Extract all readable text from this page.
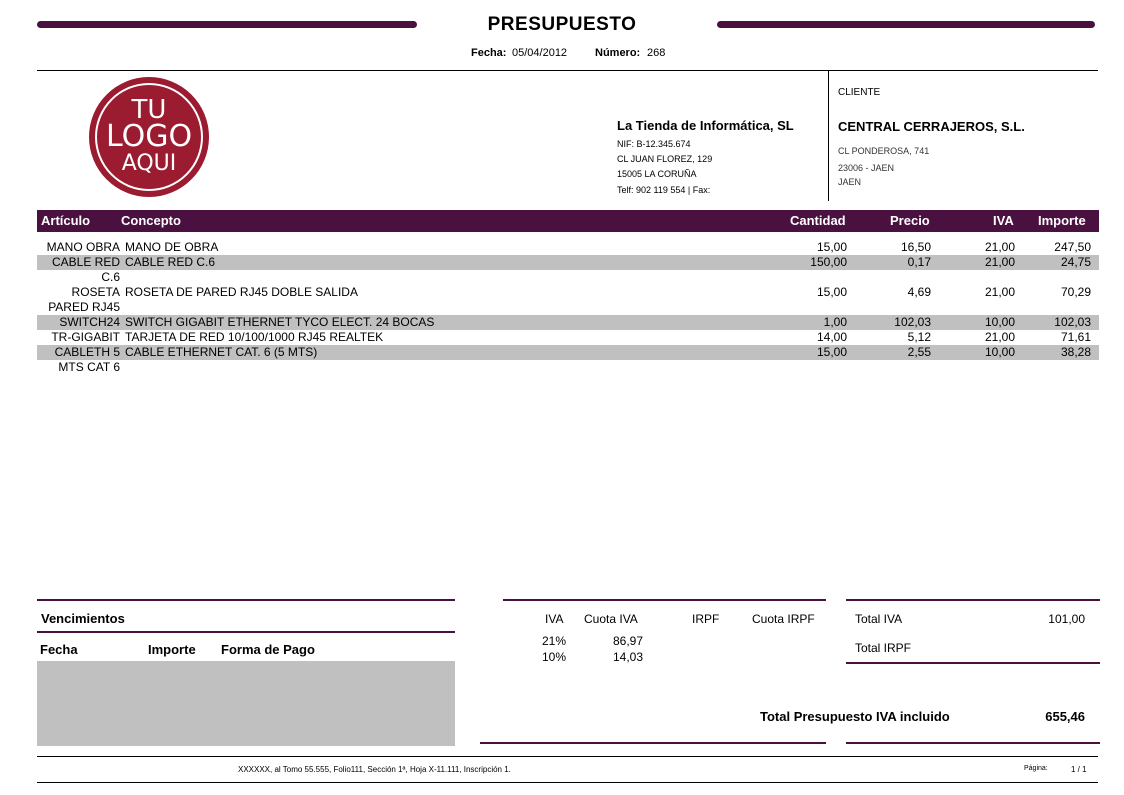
PRESUPUESTO
Fecha: 05/04/2012	Número: 268
TU
LOGO
AQUI
La Tienda de Informática, SL
NIF: B-12.345.674
CL JUAN FLOREZ, 129
15005 LA CORUÑA
Telf: 902 119 554 | Fax:
CLIENTE
CENTRAL CERRAJEROS, S.L.
CL PONDEROSA, 741
23006 - JAEN
JAEN
Artículo Concepto	Cantidad	Precio	IVA Importe
MANO OBRA MANO DE OBRA	15,00	16,50	21,00	247,50
CABLE RED
C.6
CABLE RED C.6	150,00	0,17	21,00	24,75
ROSETA
PARED RJ45
ROSETA DE PARED RJ45 DOBLE SALIDA	15,00	4,69	21,00	70,29
SWITCH24 SWITCH GIGABIT ETHERNET TYCO ELECT. 24 BOCAS	1,00	102,03	10,00	102,03
TR-GIGABIT TARJETA DE RED 10/100/1000 RJ45 REALTEK	14,00	5,12	21,00	71,61
CABLETH 5
MTS CAT 6
CABLE ETHERNET CAT. 6 (5 MTS)	15,00	2,55	10,00	38,28
Vencimientos
Fecha	Importe Forma de Pago
IVA Cuota IVA	IRPF	Cuota IRPF
21%	86,97
10%	14,03
Total IVA	101,00
Total IRPF
Total Presupuesto IVA incluido	655,46
XXXXXX, al Tomo 55.555, Folio111, Sección 1ª, Hoja X-11.111, Inscripción 1.	Página:	1 / 1
